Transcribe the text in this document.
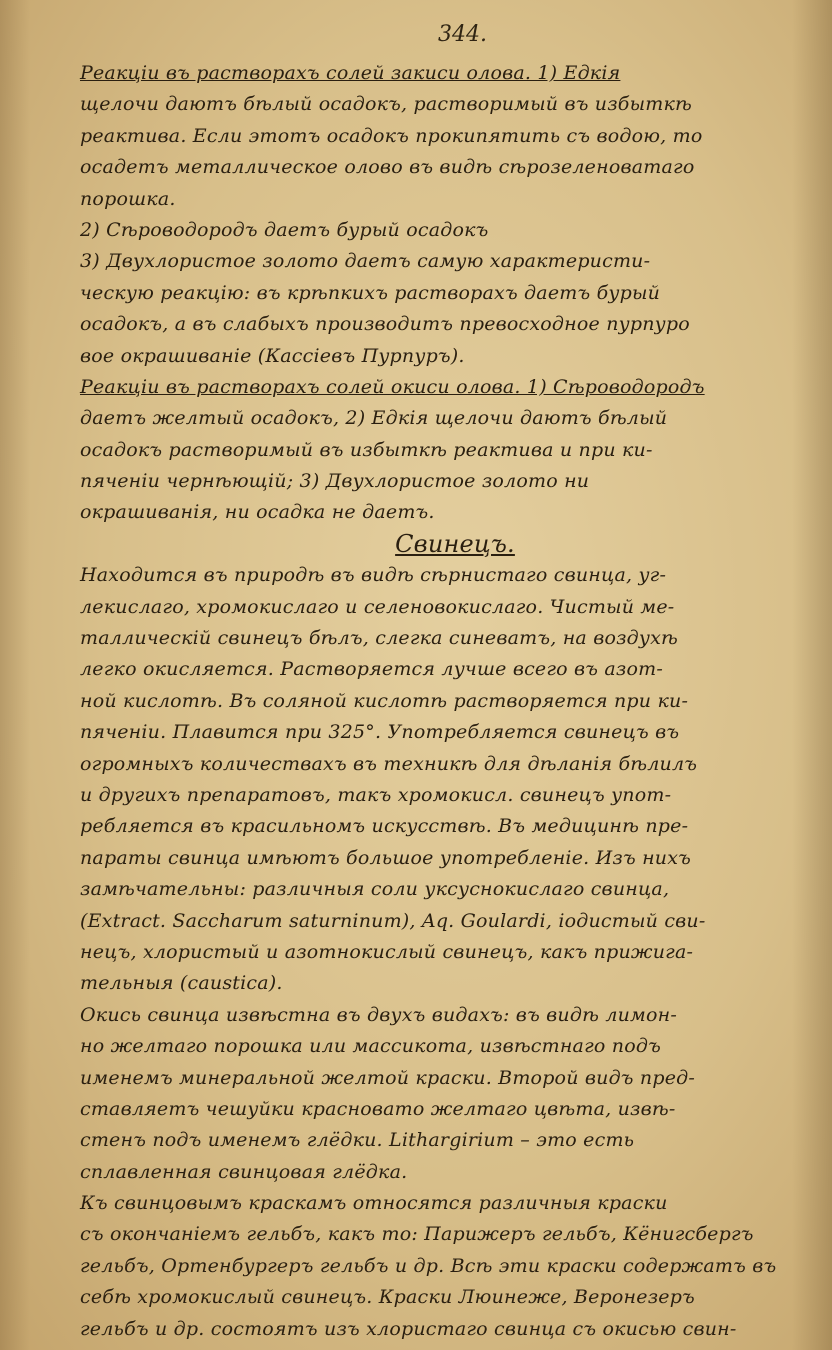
344.
Реакціи въ растворахъ солей закиси олова. 1) Едкія
щелочи даютъ бѣлый осадокъ, растворимый въ избыткѣ
реактива. Если этотъ осадокъ прокипятить съ водою, то
осадетъ металлическое олово въ видѣ сѣрозеленоватаго
порошка.
2) Сѣроводородъ даетъ бурый осадокъ
3) Двухлористое золото даетъ самую характеристи-
ческую реакцію: въ крѣпкихъ растворахъ даетъ бурый
осадокъ, а въ слабыхъ производитъ превосходное пурпуро
вое окрашиваніе (Кассіевъ Пурпуръ).
Реакціи въ растворахъ солей окиси олова. 1) Сѣроводородъ
даетъ желтый осадокъ, 2) Едкія щелочи даютъ бѣлый
осадокъ растворимый въ избыткѣ реактива и при ки-
пяченіи чернѣющій; 3) Двухлористое золото ни
окрашиванія, ни осадка не даетъ.
Свинецъ.
Находится въ природѣ въ видѣ сѣрнистаго свинца, уг-
лекислаго, хромокислаго и селеновокислаго. Чистый ме-
таллическій свинецъ бѣлъ, слегка синеватъ, на воздухѣ
легко окисляется. Растворяется лучше всего въ азот-
ной кислотѣ. Въ соляной кислотѣ растворяется при ки-
пяченіи. Плавится при 325°. Употребляется свинецъ въ
огромныхъ количествахъ въ техникѣ для дѣланія бѣлилъ
и другихъ препаратовъ, такъ хромокисл. свинецъ упот-
ребляется въ красильномъ искусствѣ. Въ медицинѣ пре-
параты свинца имѣютъ большое употребленіе. Изъ нихъ
замѣчательны: различныя соли уксуснокислаго свинца,
(Extract. Saccharum saturninum), Aq. Goulardi, іодистый сви-
нецъ, хлористый и азотнокислый свинецъ, какъ прижига-
тельныя (caustica).
Окись свинца извѣстна въ двухъ видахъ: въ видѣ лимон-
но желтаго порошка или массикота, извѣстнаго подъ
именемъ минеральной желтой краски. Второй видъ пред-
ставляетъ чешуйки красновато желтаго цвѣта, извѣ-
стенъ подъ именемъ глёдки. Lithargirium – это есть
сплавленная свинцовая глёдка.
Къ свинцовымъ краскамъ относятся различныя краски
съ окончаніемъ гельбъ, какъ то: Парижеръ гельбъ, Кёнигсбергъ
гельбъ, Ортенбургеръ гельбъ и др. Всѣ эти краски содержатъ въ
себѣ хромокислый свинецъ. Краски Люинеже, Веронезеръ
гельбъ и др. состоятъ изъ хлористаго свинца съ окисью свин-
